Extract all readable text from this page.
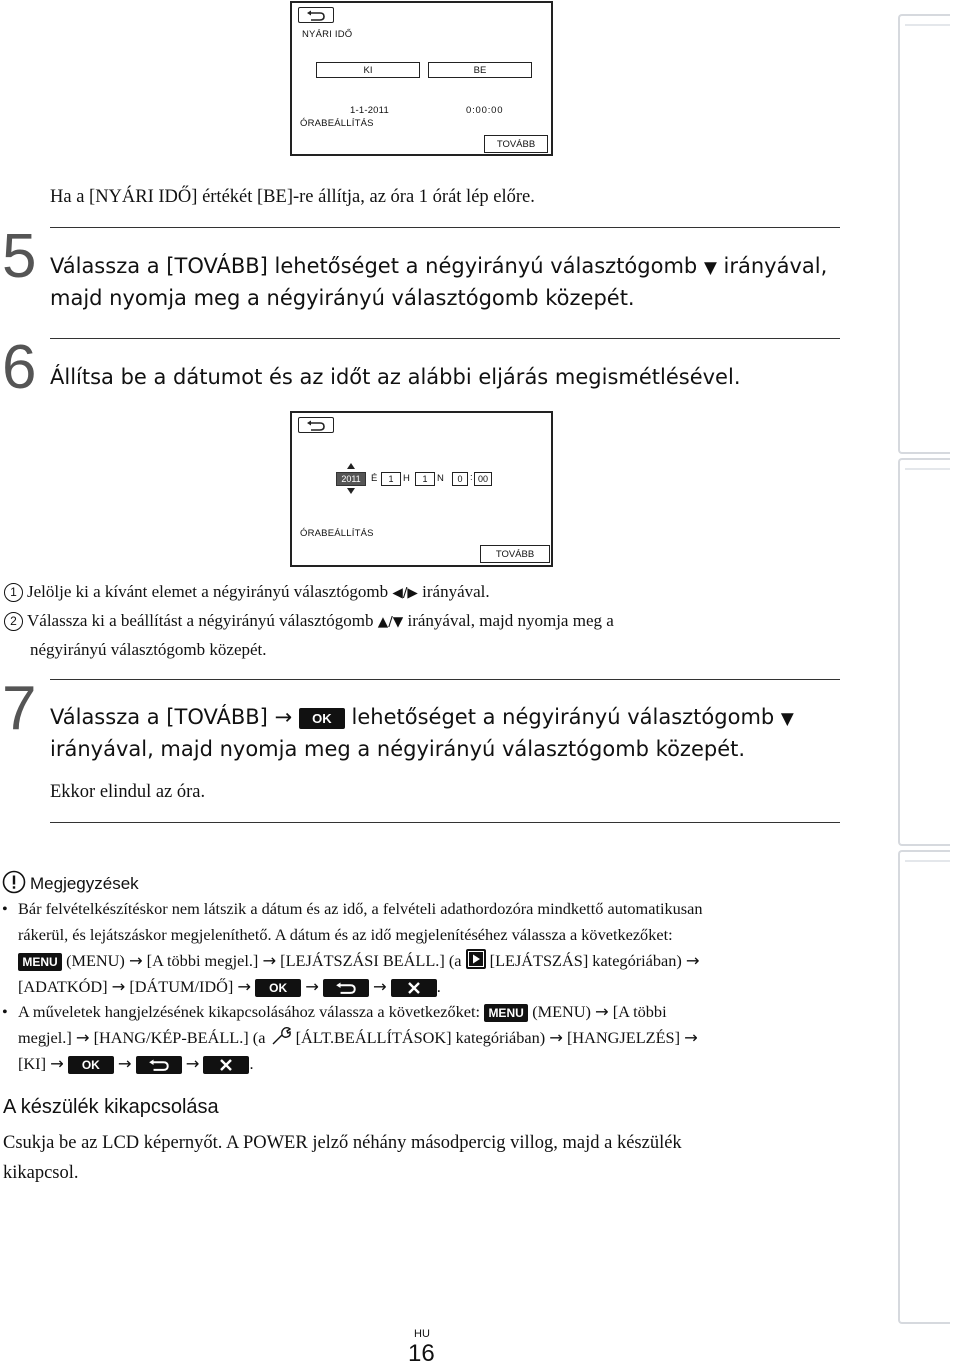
NYÁRI IDŐ
KI	BE
1-1-2011	0:00:00
ÓRABEÁLLÍTÁS
TOVÁBB
Ha a [NYÁRI IDŐ] értékét [BE]-re állítja, az óra 1 órát lép előre.
5 Válassza a [TOVÁBB] lehetőséget a négyirányú választógomb ▼ irányával,
majd nyomja meg a négyirányú választógomb közepét.
6 Állítsa be a dátumot és az időt az alábbi eljárás megismétlésével.
2011	É	1	H	1	N	0 : 00
ÓRABEÁLLÍTÁS
TOVÁBB
1 Jelölje ki a kívánt elemet a négyirányú választógomb ◀/▶ irányával.
2 Válassza ki a beállítást a négyirányú választógomb ▲/▼ irányával, majd nyomja meg a
négyirányú választógomb közepét.
7 Válassza a [TOVÁBB] → OK lehetőséget a négyirányú választógomb ▼
irányával, majd nyomja meg a négyirányú választógomb közepét.
Ekkor elindul az óra.
Megjegyzések
• Bár felvételkészítéskor nem látszik a dátum és az idő, a felvételi adathordozóra mindkettő automatikusan
rákerül, és lejátszáskor megjeleníthető. A dátum és az idő megjelenítéséhez válassza a következőket:
MENU (MENU) → [A többi megjel.] → [LEJÁTSZÁSI BEÁLL.] (a [LEJÁTSZÁS] kategóriában) →
[ADATKÓD] → [DÁTUM/IDŐ] → OK →	→	.
• A műveletek hangjelzésének kikapcsolásához válassza a következőket: MENU (MENU) → [A többi
megjel.] → [HANG/KÉP-BEÁLL.] (a [ÁLT.BEÁLLÍTÁSOK] kategóriában) → [HANGJELZÉS] →
[KI] → OK →	→	.
A készülék kikapcsolása
Csukja be az LCD képernyőt. A POWER jelző néhány másodpercig villog, majd a készülék
kikapcsol.
HU
16
